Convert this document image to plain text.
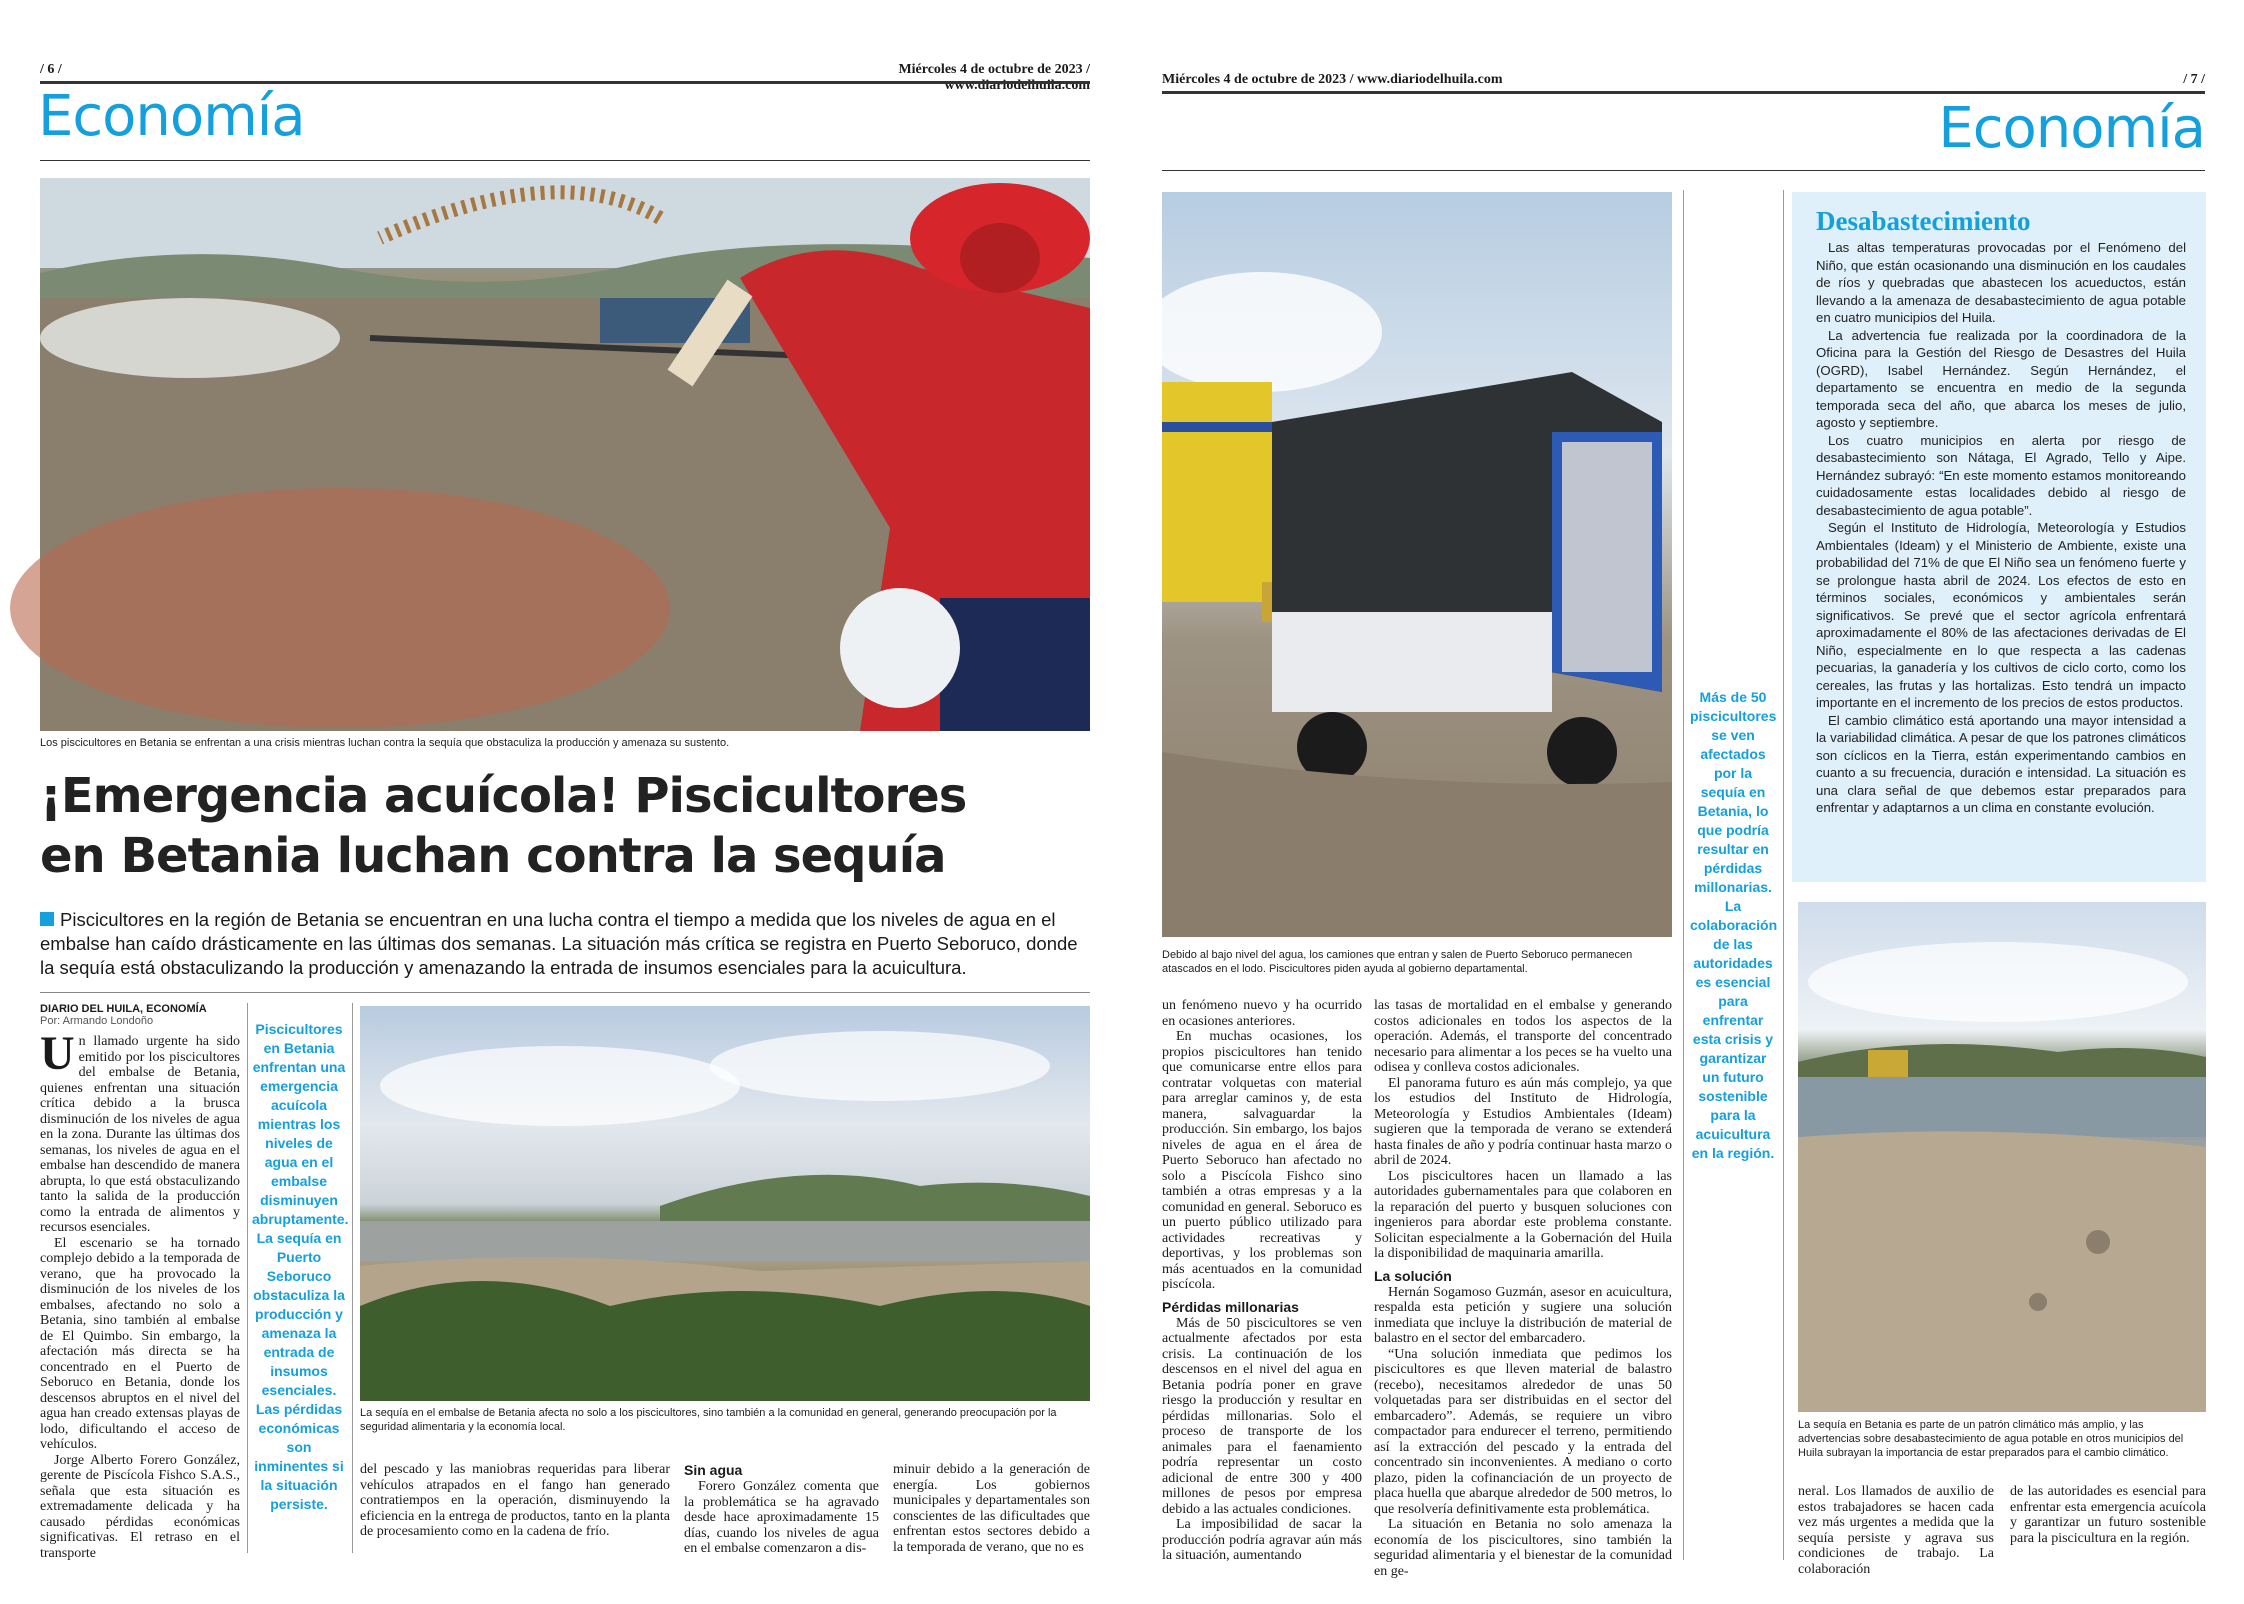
/ 6 /	Miércoles 4 de octubre de 2023 / www.diariodelhuila.com
Economía
Los piscicultores en Betania se enfrentan a una crisis mientras luchan contra la sequía que obstaculiza la producción y amenaza su sustento.
¡Emergencia acuícola! Piscicultores
en Betania luchan contra la sequía
Piscicultores en la región de Betania se encuentran en una lucha contra el tiempo a medida que los niveles de agua en el embalse han caído drásticamente en las últimas dos semanas. La situación más crítica se registra en Puerto Seboruco, donde la sequía está obstaculizando la producción y amenazando la entrada de insumos esenciales para la acuicultura.
DIARIO DEL HUILA, ECONOMÍA
Por: Armando Londoño

Un llamado urgente ha sido emitido por los piscicultores del embalse de Betania, quienes enfrentan una situación crítica debido a la brusca disminución de los niveles de agua en la zona. Durante las últimas dos semanas, los niveles de agua en el embalse han descendido de manera abrupta, lo que está obstaculizando tanto la salida de la producción como la entrada de alimentos y recursos esenciales.

El escenario se ha tornado complejo debido a la temporada de verano, que ha provocado la disminución de los niveles de los embalses, afectando no solo a Betania, sino también al embalse de El Quimbo. Sin embargo, la afectación más directa se ha concentrado en el Puerto de Seboruco en Betania, donde los descensos abruptos en el nivel del agua han creado extensas playas de lodo, dificultando el acceso de vehículos.

Jorge Alberto Forero González, gerente de Piscícola Fishco S.A.S., señala que esta situación es extremadamente delicada y ha causado pérdidas económicas significativas. El retraso en el transporte

Piscicultores en Betania enfrentan una emergencia acuícola mientras los niveles de agua en el embalse disminuyen abruptamente. La sequía en Puerto Seboruco obstaculiza la producción y amenaza la entrada de insumos esenciales. Las pérdidas económicas son inminentes si la situación persiste.
La sequía en el embalse de Betania afecta no solo a los piscicultores, sino también a la comunidad en general, generando preocupación por la seguridad alimentaria y la economía local.

del pescado y las maniobras requeridas para liberar vehículos atrapados en el fango han generado contratiempos en la operación, disminuyendo la eficiencia en la entrega de productos, tanto en la planta de procesamiento como en la cadena de frío.

Sin agua
Forero González comenta que la problemática se ha agravado desde hace aproximadamente 15 días, cuando los niveles de agua en el embalse comenzaron a dis-

minuir debido a la generación de energía. Los gobiernos municipales y departamentales son conscientes de las dificultades que enfrentan estos sectores debido a la temporada de verano, que no es

Miércoles 4 de octubre de 2023 / www.diariodelhuila.com	/ 7 /
Economía
Debido al bajo nivel del agua, los camiones que entran y salen de Puerto Seboruco permanecen atascados en el lodo. Piscicultores piden ayuda al gobierno departamental.

un fenómeno nuevo y ha ocurrido en ocasiones anteriores.

En muchas ocasiones, los propios piscicultores han tenido que comunicarse entre ellos para contratar volquetas con material para arreglar caminos y, de esta manera, salvaguardar la producción. Sin embargo, los bajos niveles de agua en el área de Puerto Seboruco han afectado no solo a Piscícola Fishco sino también a otras empresas y a la comunidad en general. Seboruco es un puerto público utilizado para actividades recreativas y deportivas, y los problemas son más acentuados en la comunidad piscícola.

Pérdidas millonarias

Más de 50 piscicultores se ven actualmente afectados por esta crisis. La continuación de los descensos en el nivel del agua en Betania podría poner en grave riesgo la producción y resultar en pérdidas millonarias. Solo el proceso de transporte de los animales para el faenamiento podría representar un costo adicional de entre 300 y 400 millones de pesos por empresa debido a las actuales condiciones.

La imposibilidad de sacar la producción podría agravar aún más la situación, aumentando

las tasas de mortalidad en el embalse y generando costos adicionales en todos los aspectos de la operación. Además, el transporte del concentrado necesario para alimentar a los peces se ha vuelto una odisea y conlleva costos adicionales.

El panorama futuro es aún más complejo, ya que los estudios del Instituto de Hidrología, Meteorología y Estudios Ambientales (Ideam) sugieren que la temporada de verano se extenderá hasta finales de año y podría continuar hasta marzo o abril de 2024.

Los piscicultores hacen un llamado a las autoridades gubernamentales para que colaboren en la reparación del puerto y busquen soluciones con ingenieros para abordar este problema constante. Solicitan especialmente a la Gobernación del Huila la disponibilidad de maquinaria amarilla.

La solución

Hernán Sogamoso Guzmán, asesor en acuicultura, respalda esta petición y sugiere una solución inmediata que incluye la distribución de material de balastro en el sector del embarcadero.

“Una solución inmediata que pedimos los piscicultores es que lleven material de balastro (recebo), necesitamos alrededor de unas 50 volquetadas para ser distribuidas en el sector del embarcadero”. Además, se requiere un vibro compactador para endurecer el terreno, permitiendo así la extracción del pescado y la entrada del concentrado sin inconvenientes. A mediano o corto plazo, piden la cofinanciación de un proyecto de placa huella que abarque alrededor de 500 metros, lo que resolvería definitivamente esta problemática.

La situación en Betania no solo amenaza la economía de los piscicultores, sino también la seguridad alimentaria y el bienestar de la comunidad en ge-

Más de 50 piscicultores se ven afectados por la sequía en Betania, lo que podría resultar en pérdidas millonarias. La colaboración de las autoridades es esencial para enfrentar esta crisis y garantizar un futuro sostenible para la acuicultura en la región.
Desabastecimiento

Las altas temperaturas provocadas por el Fenómeno del Niño, que están ocasionando una disminución en los caudales de ríos y quebradas que abastecen los acueductos, están llevando a la amenaza de desabastecimiento de agua potable en cuatro municipios del Huila.

La advertencia fue realizada por la coordinadora de la Oficina para la Gestión del Riesgo de Desastres del Huila (OGRD), Isabel Hernández. Según Hernández, el departamento se encuentra en medio de la segunda temporada seca del año, que abarca los meses de julio, agosto y septiembre.

Los cuatro municipios en alerta por riesgo de desabastecimiento son Nátaga, El Agrado, Tello y Aipe. Hernández subrayó: “En este momento estamos monitoreando cuidadosamente estas localidades debido al riesgo de desabastecimiento de agua potable”.

Según el Instituto de Hidrología, Meteorología y Estudios Ambientales (Ideam) y el Ministerio de Ambiente, existe una probabilidad del 71% de que El Niño sea un fenómeno fuerte y se prolongue hasta abril de 2024. Los efectos de esto en términos sociales, económicos y ambientales serán significativos. Se prevé que el sector agrícola enfrentará aproximadamente el 80% de las afectaciones derivadas de El Niño, especialmente en lo que respecta a las cadenas pecuarias, la ganadería y los cultivos de ciclo corto, como los cereales, las frutas y las hortalizas. Esto tendrá un impacto importante en el incremento de los precios de estos productos.

El cambio climático está aportando una mayor intensidad a la variabilidad climática. A pesar de que los patrones climáticos son cíclicos en la Tierra, están experimentando cambios en cuanto a su frecuencia, duración e intensidad. La situación es una clara señal de que debemos estar preparados para enfrentar y adaptarnos a un clima en constante evolución.

La sequía en Betania es parte de un patrón climático más amplio, y las advertencias sobre desabastecimiento de agua potable en otros municipios del Huila subrayan la importancia de estar preparados para el cambio climático.

neral. Los llamados de auxilio de estos trabajadores se hacen cada vez más urgentes a medida que la sequía persiste y agrava sus condiciones de trabajo. La colaboración

de las autoridades es esencial para enfrentar esta emergencia acuícola y garantizar un futuro sostenible para la piscicultura en la región.
